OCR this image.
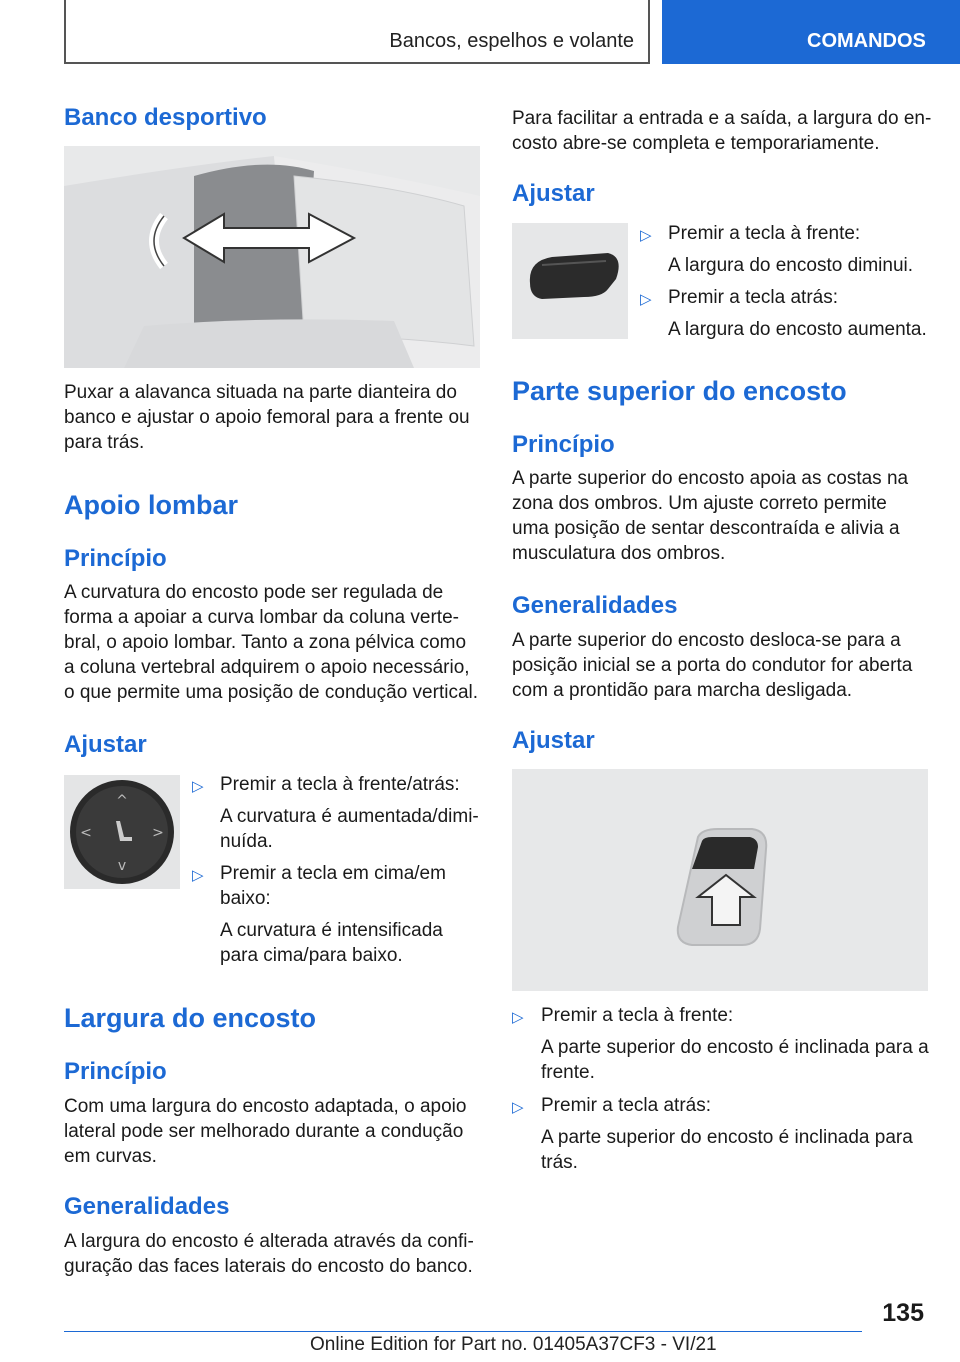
Bancos, espelhos e volante	COMANDOS
Banco desportivo
Puxar a alavanca situada na parte dianteira do
banco e ajustar o apoio femoral para a frente ou
para trás.
Apoio lombar
Princípio
A curvatura do encosto pode ser regulada de
forma a apoiar a curva lombar da coluna verte-
bral, o apoio lombar. Tanto a zona pélvica como
a coluna vertebral adquirem o apoio necessário,
o que permite uma posição de condução vertical.
Ajustar
^
v
<	>
▷ Premir a tecla à frente/atrás:
A curvatura é aumentada/dimi-
nuída.
▷ Premir a tecla em cima/em
baixo:
A curvatura é intensificada
para cima/para baixo.
Largura do encosto
Princípio
Com uma largura do encosto adaptada, o apoio
lateral pode ser melhorado durante a condução
em curvas.
Generalidades
A largura do encosto é alterada através da confi-
guração das faces laterais do encosto do banco.
Para facilitar a entrada e a saída, a largura do en-
costo abre-se completa e temporariamente.
Ajustar
▷ Premir a tecla à frente:
A largura do encosto diminui.
▷ Premir a tecla atrás:
A largura do encosto aumenta.
Parte superior do encosto
Princípio
A parte superior do encosto apoia as costas na
zona dos ombros. Um ajuste correto permite
uma posição de sentar descontraída e alivia a
musculatura dos ombros.
Generalidades
A parte superior do encosto desloca-se para a
posição inicial se a porta do condutor for aberta
com a prontidão para marcha desligada.
Ajustar
▷ Premir a tecla à frente:
A parte superior do encosto é inclinada para a
frente.
▷ Premir a tecla atrás:
A parte superior do encosto é inclinada para
trás.
135
Online Edition for Part no. 01405A37CF3 - VI/21
